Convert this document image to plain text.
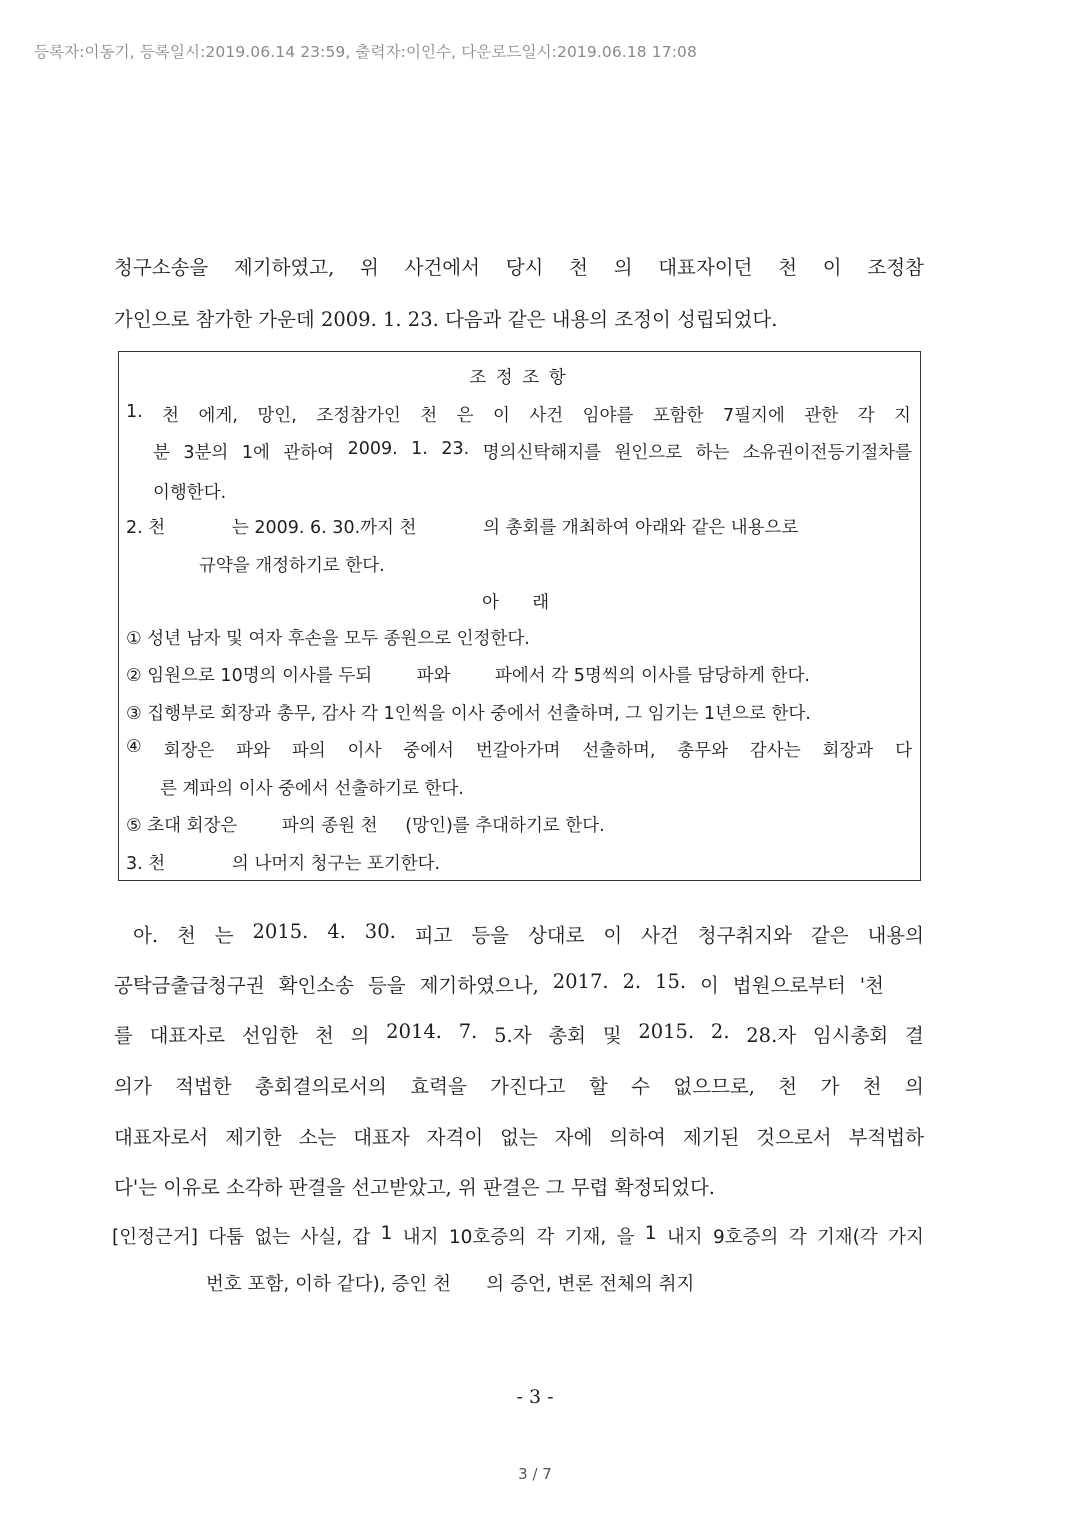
등록자:이동기, 등록일시:2019.06.14 23:59, 출력자:이인수, 다운로드일시:2019.06.18 17:08
청구소송을 제기하였고, 위 사건에서 당시 천 의 대표자이던 천 이 조정참
가인으로 참가한 가운데 2009. 1. 23. 다음과 같은 내용의 조정이 성립되었다.
조 정 조 항
1. 천 에게, 망인, 조정참가인 천 은 이 사건 임야를 포함한 7필지에 관한 각 지
분 3분의 1에 관하여 2009. 1. 23. 명의신탁해지를 원인으로 하는 소유권이전등기절차를
이행한다.
2. 천            는 2009. 6. 30.까지 천            의 총회를 개최하여 아래와 같은 내용으로
규약을 개정하기로 한다.
아      래
① 성년 남자 및 여자 후손을 모두 종원으로 인정한다.
② 임원으로 10명의 이사를 두되        파와        파에서 각 5명씩의 이사를 담당하게 한다.
③ 집행부로 회장과 총무, 감사 각 1인씩을 이사 중에서 선출하며, 그 임기는 1년으로 한다.
④ 회장은 파와 파의 이사 중에서 번갈아가며 선출하며, 총무와 감사는 회장과 다
른 계파의 이사 중에서 선출하기로 한다.
⑤ 초대 회장은        파의 종원 천     (망인)를 추대하기로 한다.
3. 천            의 나머지 청구는 포기한다.
아. 천 는 2015. 4. 30. 피고 등을 상대로 이 사건 청구취지와 같은 내용의
공탁금출급청구권 확인소송 등을 제기하였으나, 2017. 2. 15. 이 법원으로부터 '천
를 대표자로 선임한 천 의 2014. 7. 5.자 총회 및 2015. 2. 28.자 임시총회 결
의가 적법한 총회결의로서의 효력을 가진다고 할 수 없으므로, 천 가 천 의
대표자로서 제기한 소는 대표자 자격이 없는 자에 의하여 제기된 것으로서 부적법하
다'는 이유로 소각하 판결을 선고받았고, 위 판결은 그 무렵 확정되었다.
[인정근거] 다툼 없는 사실, 갑 1 내지 10호증의 각 기재, 을 1 내지 9호증의 각 기재(각 가지
번호 포함, 이하 같다), 증인 천      의 증언, 변론 전체의 취지
- 3 -
3 / 7
